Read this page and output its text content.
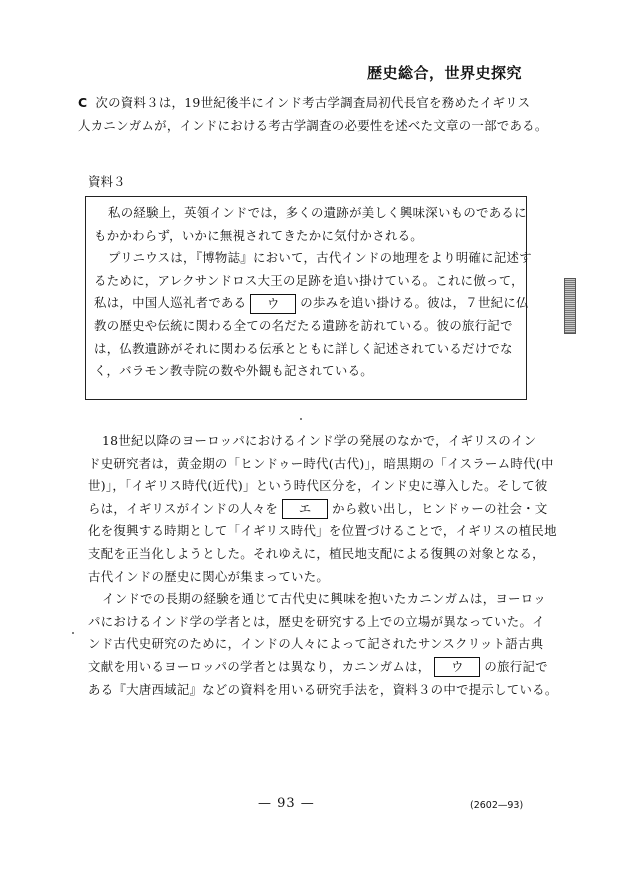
歴史総合，世界史探究
C 次の資料３は，19世紀後半にインド考古学調査局初代長官を務めたイギリス
人カニンガムが，インドにおける考古学調査の必要性を述べた文章の一部である。
資料３
私の経験上，英領インドでは，多くの遺跡が美しく興味深いものであるに
もかかわらず，いかに無視されてきたかに気付かされる。
プリニウスは，『博物誌』において，古代インドの地理をより明確に記述す
るために，アレクサンドロス大王の足跡を追い掛けている。これに倣って，
私は，中国人巡礼者である ウ の歩みを追い掛ける。彼は，７世紀に仏
教の歴史や伝統に関わる全ての名だたる遺跡を訪れている。彼の旅行記で
は，仏教遺跡がそれに関わる伝承とともに詳しく記述されているだけでな
く，バラモン教寺院の数や外観も記されている。
18世紀以降のヨーロッパにおけるインド学の発展のなかで，イギリスのイン
ド史研究者は，黄金期の「ヒンドゥー時代(古代)」，暗黒期の「イスラーム時代(中
世)」，「イギリス時代(近代)」という時代区分を，インド史に導入した。そして彼
らは，イギリスがインドの人々を エ から救い出し，ヒンドゥーの社会・文
化を復興する時期として「イギリス時代」を位置づけることで，イギリスの植民地
支配を正当化しようとした。それゆえに，植民地支配による復興の対象となる，
古代インドの歴史に関心が集まっていた。
インドでの長期の経験を通じて古代史に興味を抱いたカニンガムは，ヨーロッ
パにおけるインド学の学者とは，歴史を研究する上での立場が異なっていた。イ
ンド古代史研究のために，インドの人々によって記されたサンスクリット語古典
文献を用いるヨーロッパの学者とは異なり，カニンガムは， ウ の旅行記で
ある『大唐西域記』などの資料を用いる研究手法を，資料３の中で提示している。
— 93 —	(2602—93)
